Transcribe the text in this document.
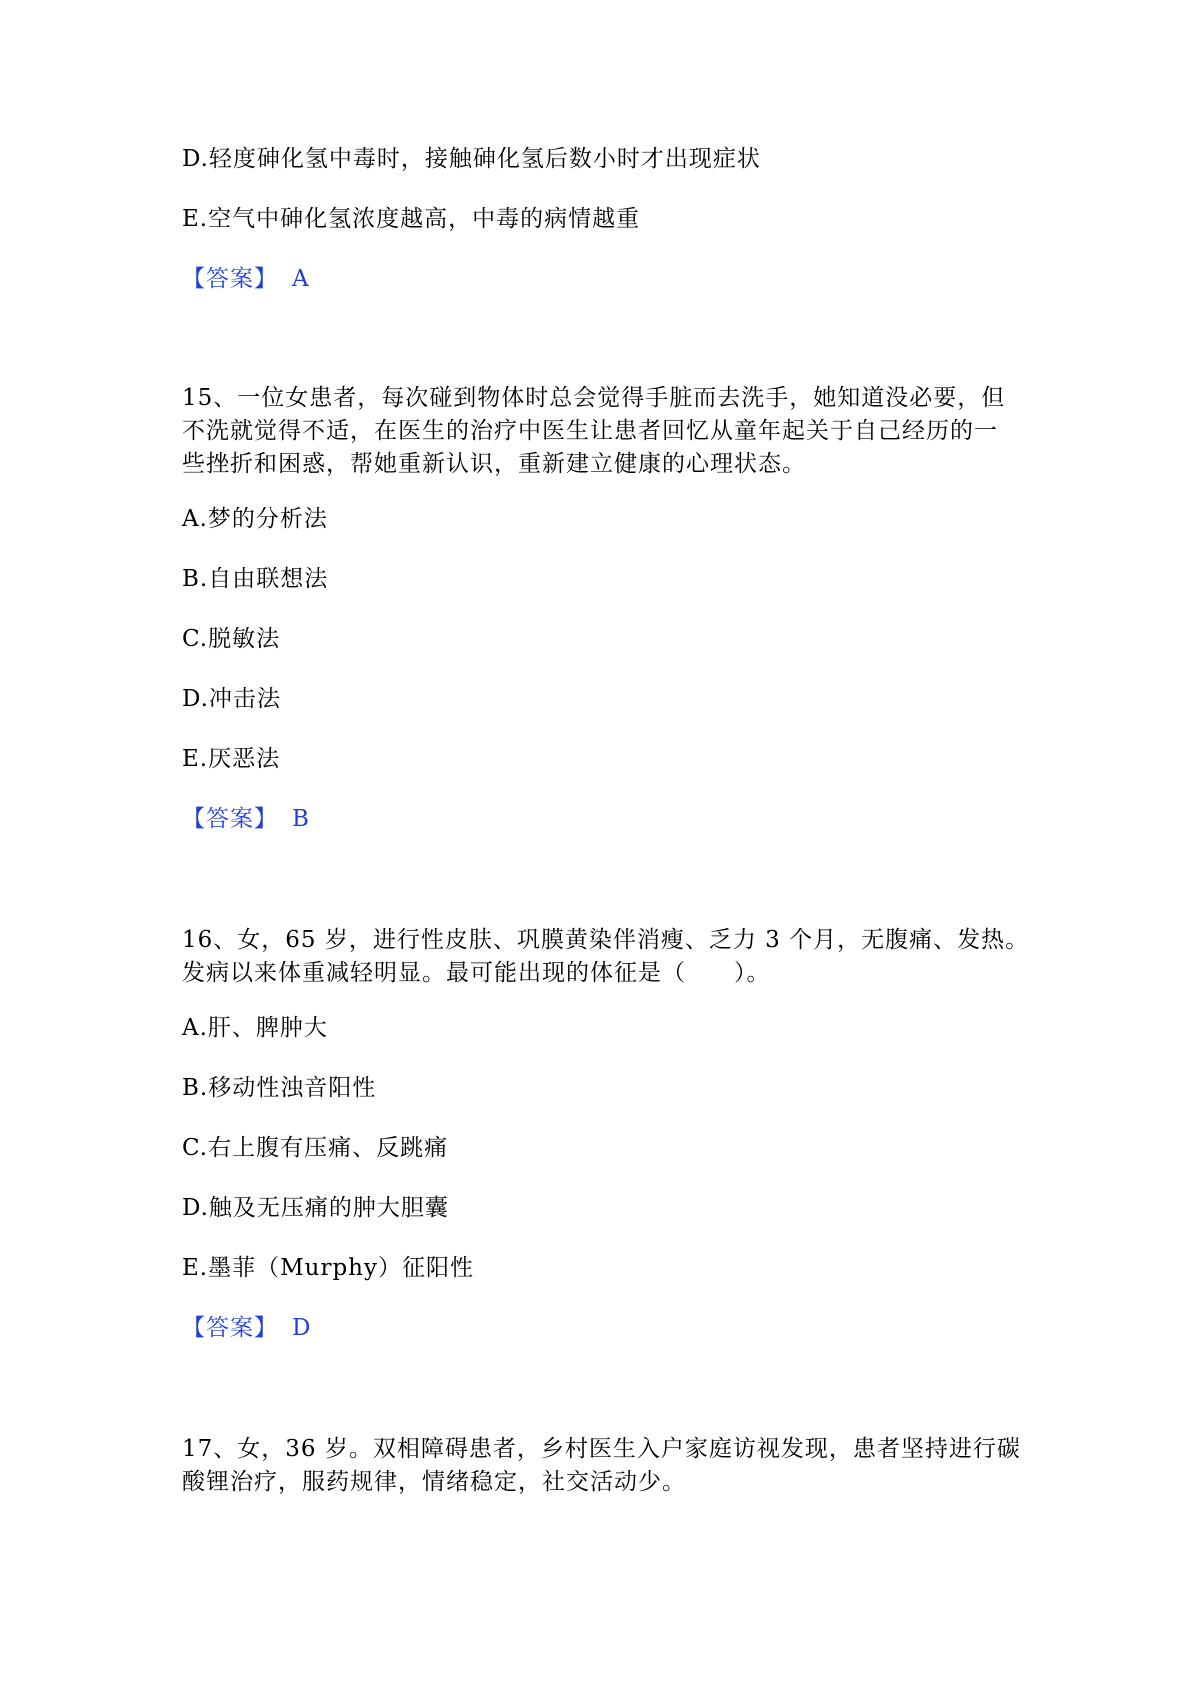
D.轻度砷化氢中毒时，接触砷化氢后数小时才出现症状
E.空气中砷化氢浓度越高，中毒的病情越重
【答案】 A
15、一位女患者，每次碰到物体时总会觉得手脏而去洗手，她知道没必要，但
不洗就觉得不适，在医生的治疗中医生让患者回忆从童年起关于自己经历的一
些挫折和困惑，帮她重新认识，重新建立健康的心理状态。
A.梦的分析法
B.自由联想法
C.脱敏法
D.冲击法
E.厌恶法
【答案】 B
16、女，65 岁，进行性皮肤、巩膜黄染伴消瘦、乏力 3 个月，无腹痛、发热。
发病以来体重减轻明显。最可能出现的体征是（　　）。
A.肝、脾肿大
B.移动性浊音阳性
C.右上腹有压痛、反跳痛
D.触及无压痛的肿大胆囊
E.墨菲（Murphy）征阳性
【答案】 D
17、女，36 岁。双相障碍患者，乡村医生入户家庭访视发现，患者坚持进行碳
酸锂治疗，服药规律，情绪稳定，社交活动少。
